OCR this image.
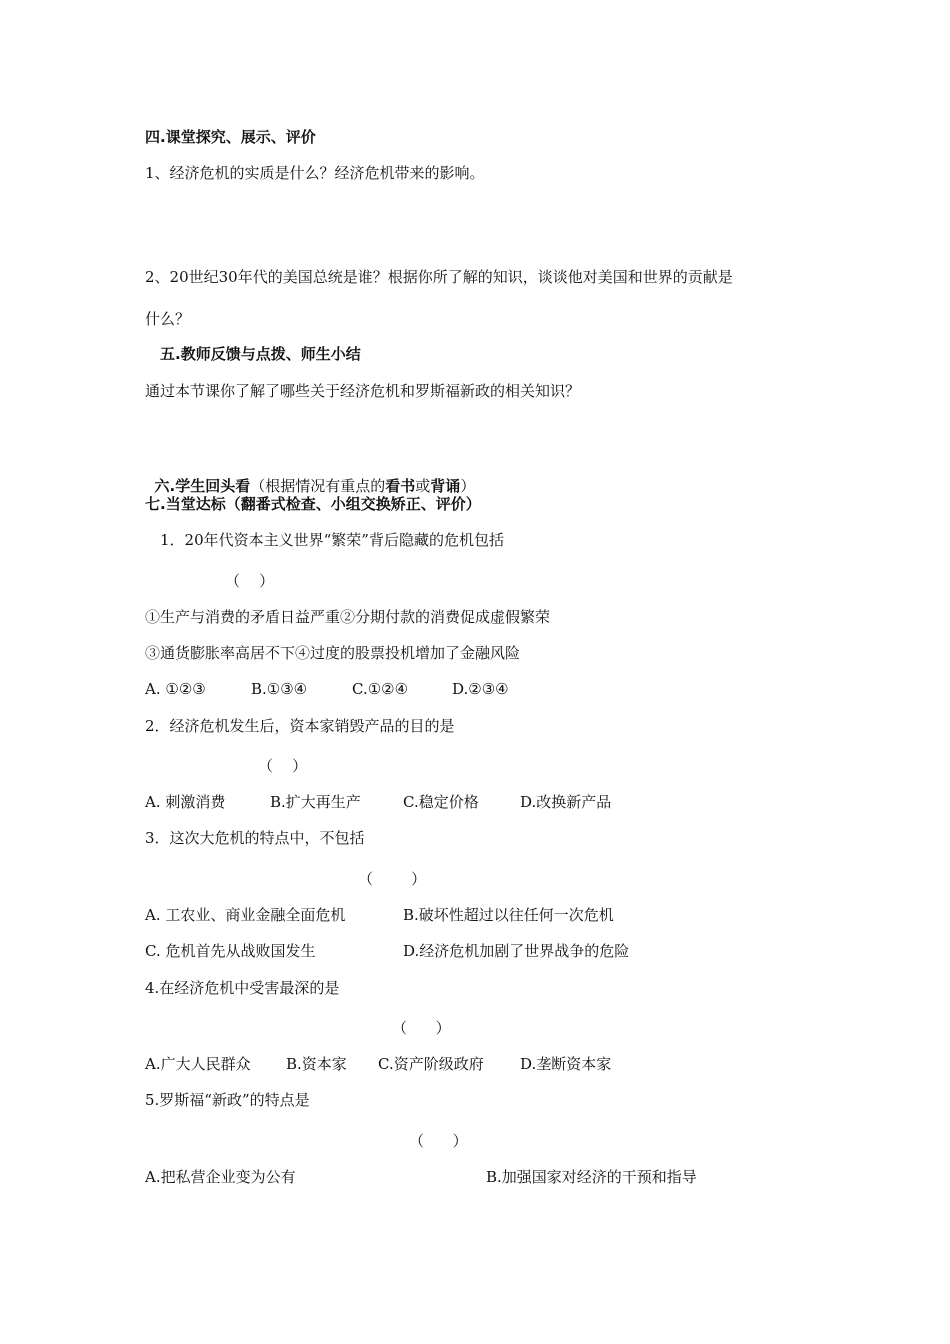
四.课堂探究、展示、评价
1、经济危机的实质是什么？经济危机带来的影响。
2、20世纪30年代的美国总统是谁？根据你所了解的知识，谈谈他对美国和世界的贡献是
什么？
五.教师反馈与点拨、师生小结
通过本节课你了解了哪些关于经济危机和罗斯福新政的相关知识？

六.学生回头看（根据情况有重点的看书或背诵）

七.当堂达标（翻番式检查、小组交换矫正、评价）
1．20年代资本主义世界“繁荣”背后隐藏的危机包括
（    ）
①生产与消费的矛盾日益严重②分期付款的消费促成虚假繁荣
③通货膨胀率高居不下④过度的股票投机增加了金融风险
A. ①②③	B.①③④	C.①②④	D.②③④
2．经济危机发生后，资本家销毁产品的目的是
（    ）
A. 刺激消费	B.扩大再生产	C.稳定价格	D.改换新产品
3．这次大危机的特点中，不包括
（        ）
A. 工农业、商业金融全面危机	B.破坏性超过以往任何一次危机
C. 危机首先从战败国发生	D.经济危机加剧了世界战争的危险
4.在经济危机中受害最深的是
（      ）
A.广大人民群众 B.资本家 C.资产阶级政府 D.垄断资本家
5.罗斯福“新政”的特点是
（      ）
A.把私营企业变为公有	B.加强国家对经济的干预和指导
